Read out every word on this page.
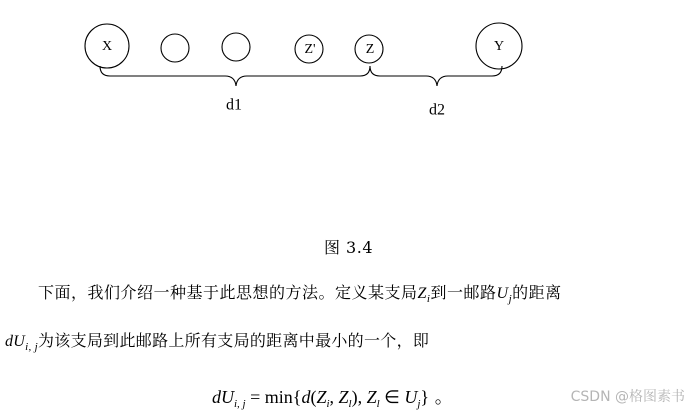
X	Z'	Z	Y
d1	d2
图 3.4
下面，我们介绍一种基于此思想的方法。定义某支局$Z_i$到一邮路$U_j$的距离
$dU_{i, j}$为该支局到此邮路上所有支局的距离中最小的一个，即
$dU_{i, j} = \min\{d(Z_i$, $Z_l$), $Z_l$ ∈ $U_j$} 。	CSDN @格图素书
